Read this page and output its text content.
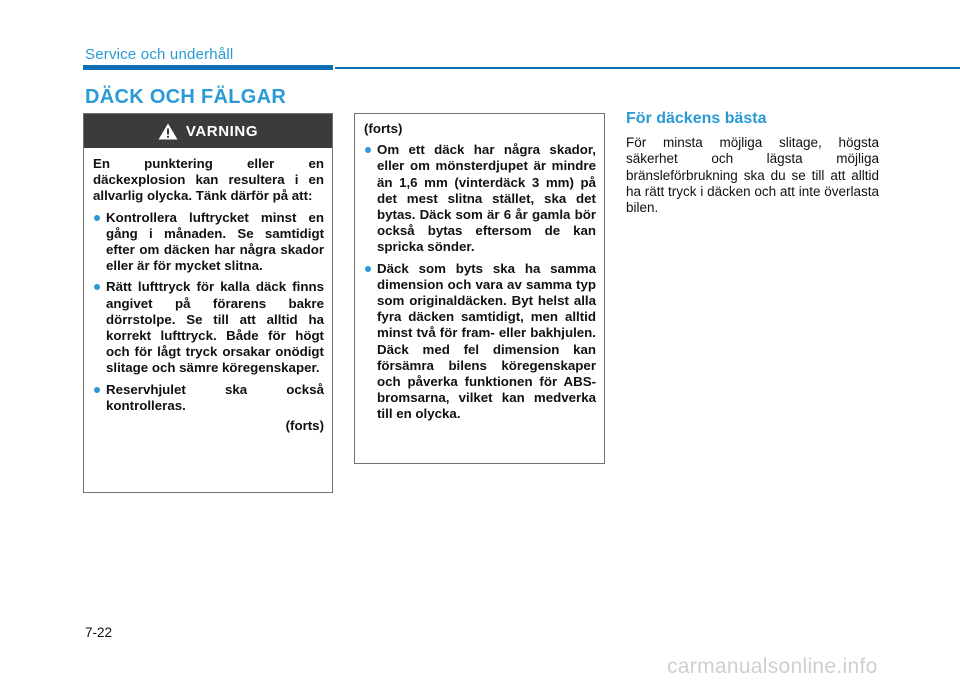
Service och underhåll
DÄCK OCH FÄLGAR
VARNING

En punktering eller en däckexplosion kan resultera i en allvarlig olycka. Tänk därför på att:

Kontrollera luftrycket minst en gång i månaden. Se samtidigt efter om däcken har några skador eller är för mycket slitna.

Rätt lufttryck för kalla däck finns angivet på förarens bakre dörrstolpe. Se till att alltid ha korrekt lufttryck. Både för högt och för lågt tryck orsakar onödigt slitage och sämre köregenskaper.

Reservhjulet ska också kontrolleras.

(forts)

(forts)

Om ett däck har några skador, eller om mönsterdjupet är mindre än 1,6 mm (vinterdäck 3 mm) på det mest slitna stället, ska det bytas. Däck som är 6 år gamla bör också bytas eftersom de kan spricka sönder.

Däck som byts ska ha samma dimension och vara av samma typ som originaldäcken. Byt helst alla fyra däcken samtidigt, men alltid minst två för fram- eller bakhjulen. Däck med fel dimension kan försämra bilens köregenskaper och påverka funktionen för ABS-bromsarna, vilket kan medverka till en olycka.

För däckens bästa

För minsta möjliga slitage, högsta säkerhet och lägsta möjliga bränsleförbrukning ska du se till att alltid ha rätt tryck i däcken och att inte överlasta bilen.

7-22
carmanualsonline.info
